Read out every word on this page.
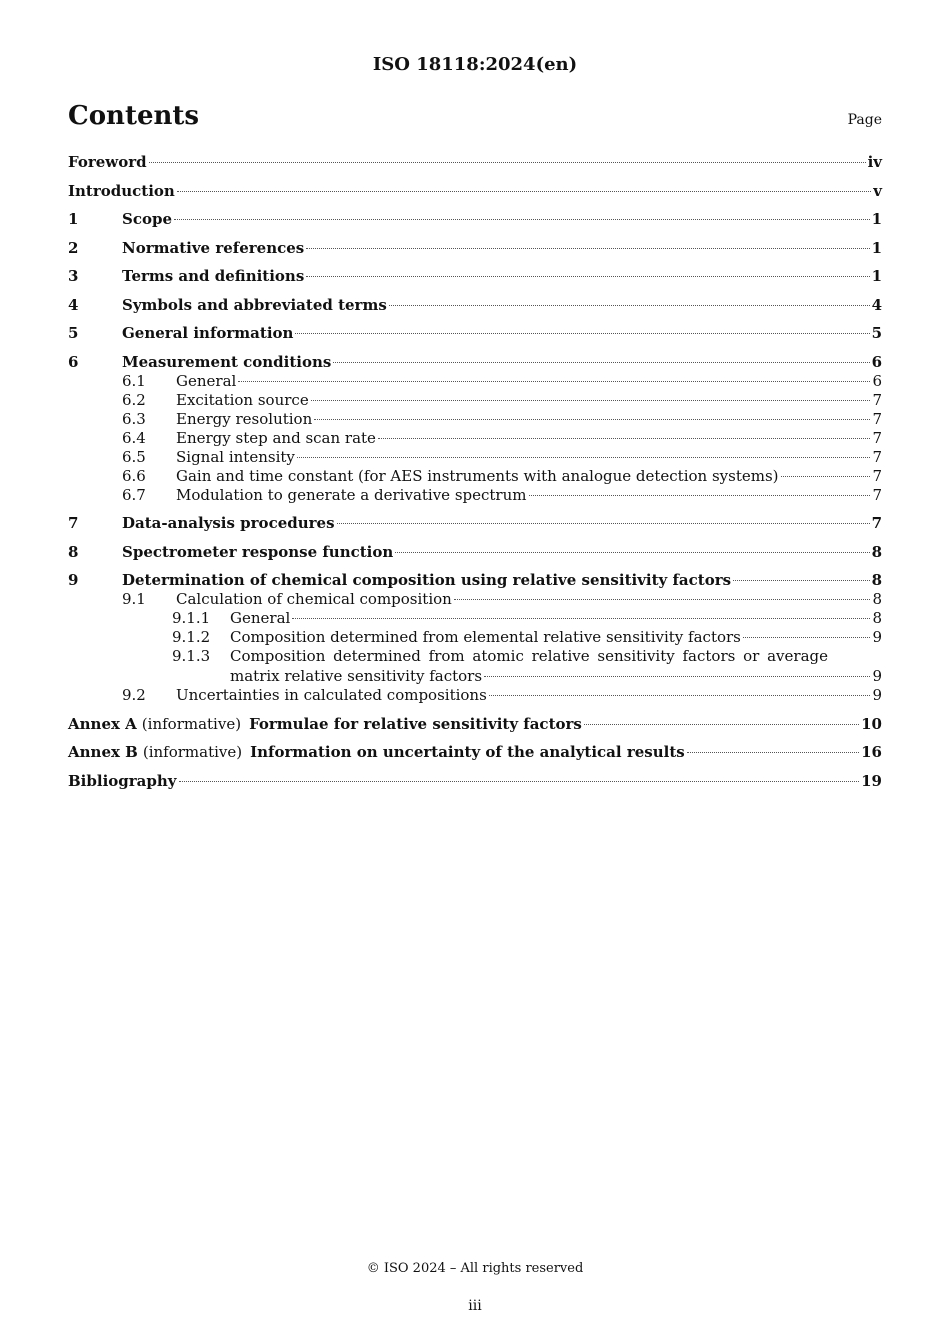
ISO 18118:2024(en)
Contents	Page
Foreword	iv
Introduction	v
1	Scope	1
2	Normative references	1
3	Terms and definitions	1
4	Symbols and abbreviated terms	4
5	General information	5
6	Measurement conditions	6
6.1	General	6
6.2	Excitation source	7
6.3	Energy resolution	7
6.4	Energy step and scan rate	7
6.5	Signal intensity	7
6.6	Gain and time constant (for AES instruments with analogue detection systems)	7
6.7	Modulation to generate a derivative spectrum	7
7	Data-analysis procedures	7
8	Spectrometer response function	8
9	Determination of chemical composition using relative sensitivity factors	8
9.1	Calculation of chemical composition	8
9.1.1	General	8
9.1.2	Composition determined from elemental relative sensitivity factors	9
9.1.3	Composition determined from atomic relative sensitivity factors or average
matrix relative sensitivity factors	9
9.2	Uncertainties in calculated compositions	9
Annex A (informative) Formulae for relative sensitivity factors	10
Annex B (informative) Information on uncertainty of the analytical results	16
Bibliography	19
© ISO 2024 – All rights reserved
iii
